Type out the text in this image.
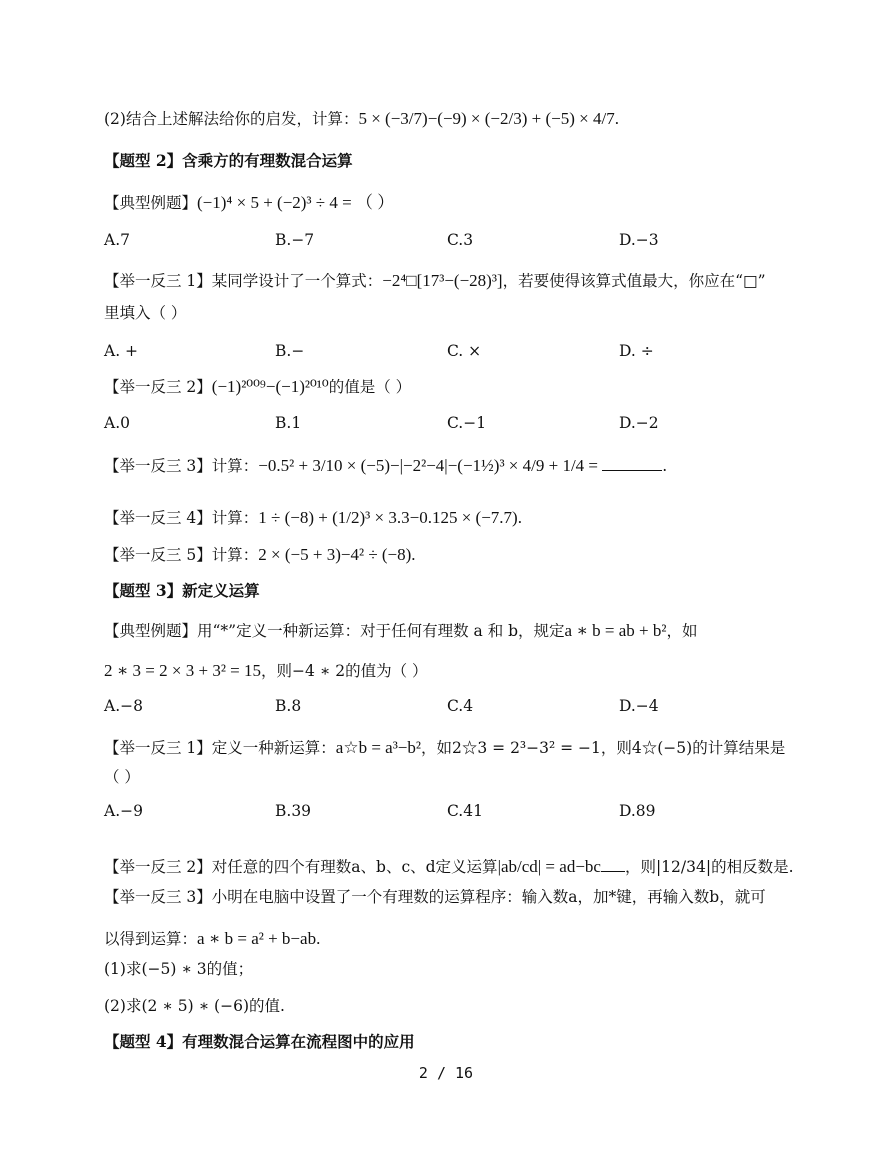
(2)结合上述解法给你的启发，计算：5 × (−3/7)−(−9) × (−2/3) + (−5) × 4/7.
【题型 2】含乘方的有理数混合运算
【典型例题】(−1)⁴ × 5 + (−2)³ ÷ 4 = （ ）
【举一反三 1】某同学设计了一个算式：−2⁴□[17³−(−28)³]，若要使得该算式值最大，你应在“□”
里填入（ ）
【举一反三 2】(−1)²⁰⁰⁹−(−1)²⁰¹⁰的值是（ ）
【举一反三 3】计算：−0.5² + 3/10 × (−5)−|−2²−4|−(−1½)³ × 4/9 + 1/4 =	.
【举一反三 4】计算：1 ÷ (−8) + (1/2)³ × 3.3−0.125 × (−7.7).
【举一反三 5】计算：2 × (−5 + 3)−4² ÷ (−8).
【题型 3】新定义运算
【典型例题】用“*”定义一种新运算：对于任何有理数 a 和 b，规定a ∗ b = ab + b²，如
2 ∗ 3 = 2 × 3 + 3² = 15，则−4 ∗ 2的值为（ ）
【举一反三 1】定义一种新运算：a☆b = a³−b²，如2☆3 = 2³−3² = −1，则4☆(−5)的计算结果是
（ ）
【举一反三 2】对任意的四个有理数a、b、c、d定义运算|ab/cd| = ad−bc ，则|12/34|的相反数是.
【举一反三 3】小明在电脑中设置了一个有理数的运算程序：输入数a，加*键，再输入数b，就可
以得到运算：a ∗ b = a² + b−ab.
(1)求(−5) ∗ 3的值；
(2)求(2 ∗ 5) ∗ (−6)的值.
【题型 4】有理数混合运算在流程图中的应用
A.7	B.−7	C.3	D.−3
A. +	B.−	C. ×	D. ÷
A.0	B.1	C.−1	D.−2
A.−8	B.8	C.4	D.−4
A.−9	B.39	C.41	D.89
2 / 16
